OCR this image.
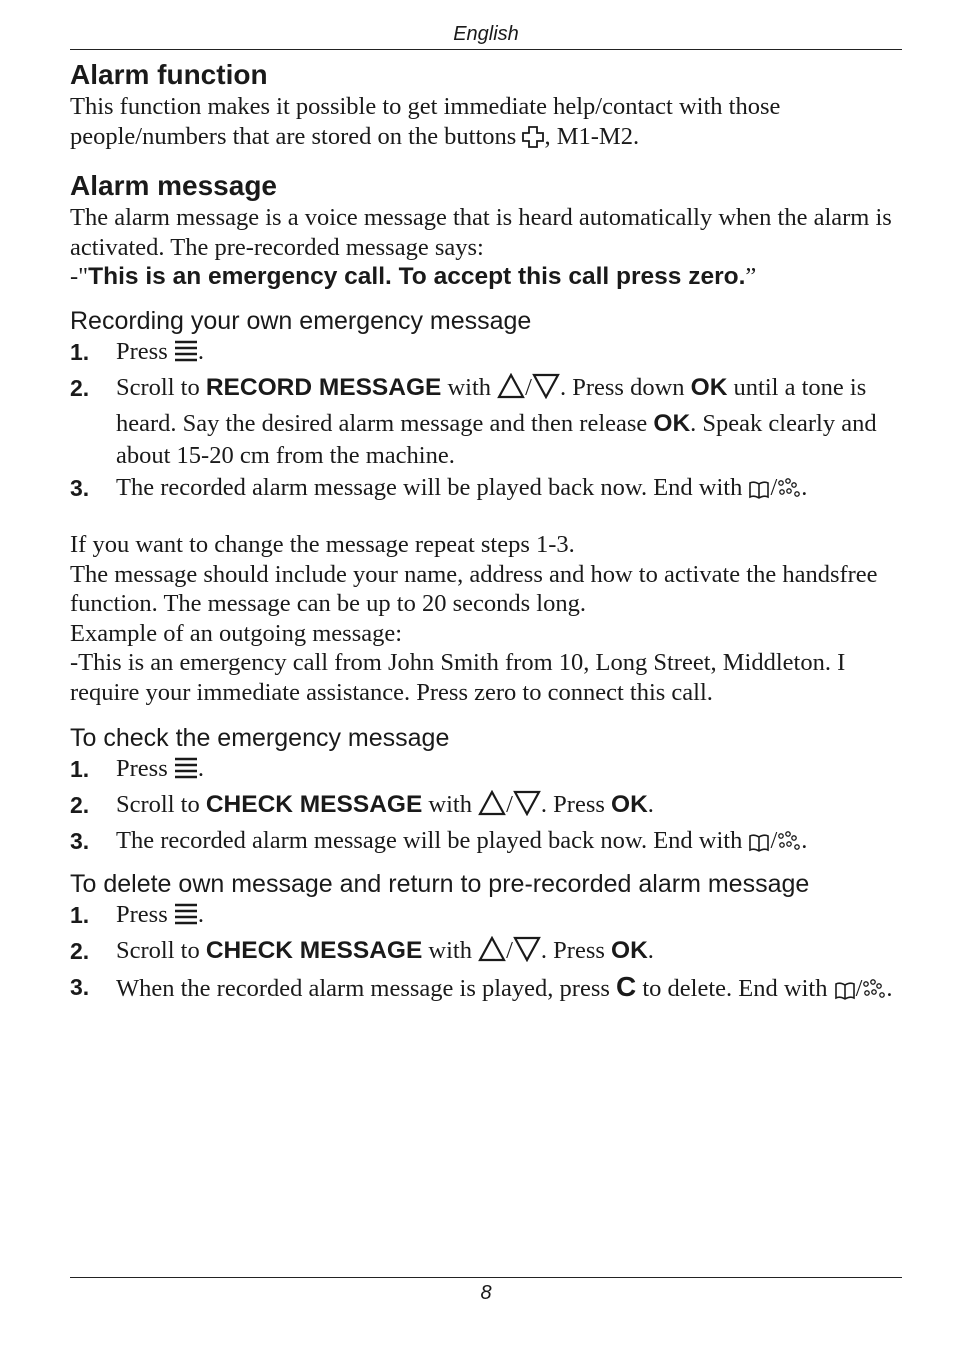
English
Alarm function

This function makes it possible to get immediate help/contact with those people/numbers that are stored on the buttons , M1-M2.

Alarm message

The alarm message is a voice message that is heard automatically when the alarm is activated. The pre-recorded message says:

-"This is an emergency call. To accept this call press zero.”

Recording your own emergency message
1. Press .
2. Scroll to RECORD MESSAGE with / . Press down OK until a tone is heard. Say the desired alarm message and then release OK. Speak clearly and about 15-20 cm from the machine.
3. The recorded alarm message will be played back now. End with / .

If you want to change the message repeat steps 1-3.

The message should include your name, address and how to activate the handsfree function. The message can be up to 20 seconds long.

Example of an outgoing message:

-This is an emergency call from John Smith from 10, Long Street, Middleton. I require your immediate assistance. Press zero to connect this call.

To check the emergency message
1. Press .
2. Scroll to CHECK MESSAGE with / . Press OK.
3. The recorded alarm message will be played back now. End with / .
To delete own message and return to pre-recorded alarm message
1. Press .
2. Scroll to CHECK MESSAGE with / . Press OK.
3. When the recorded alarm message is played, press C to delete. End with / .
8
